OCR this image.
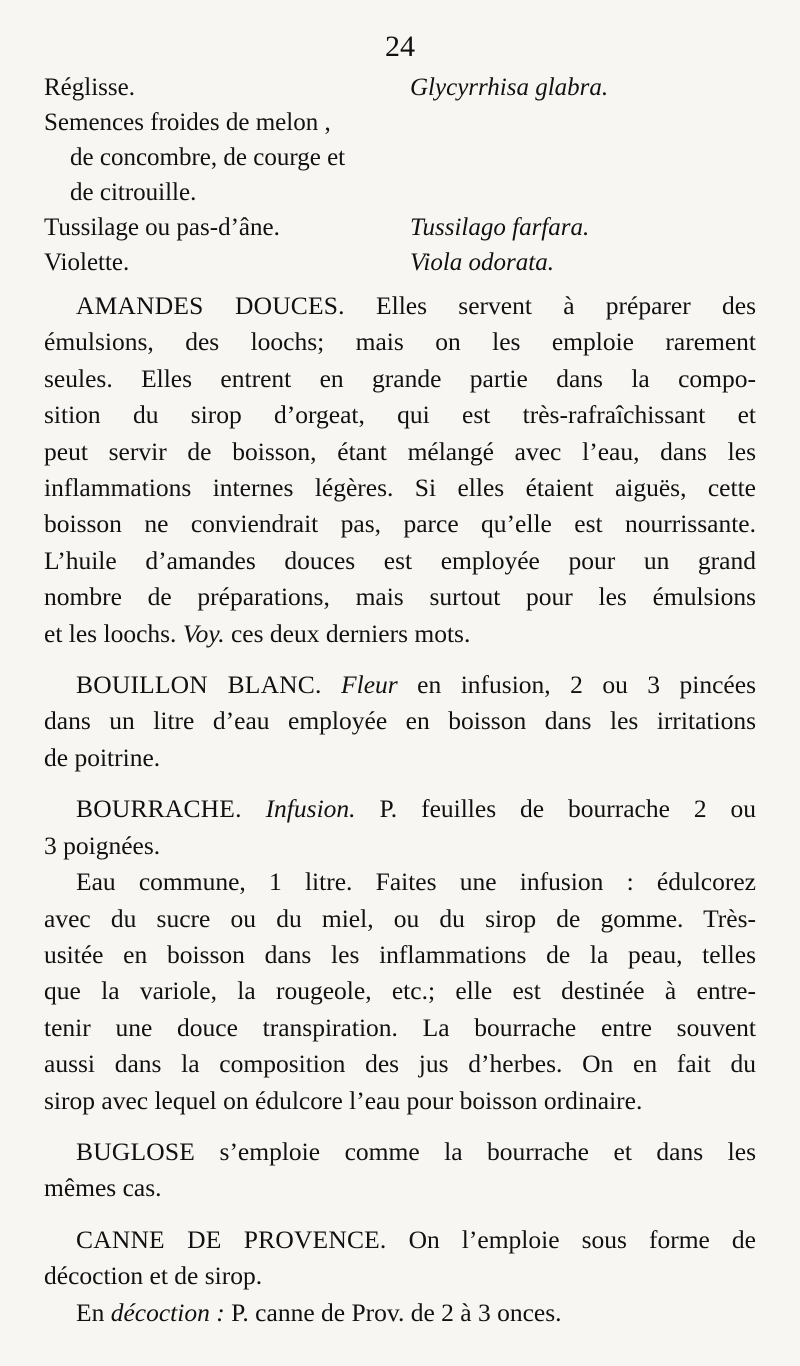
24
Réglisse.	Glycyrrhisa glabra.
Semences froides de melon ,
de concombre, de courge et
de citrouille.
Tussilage ou pas-d’âne.	Tussilago farfara.
Violette.	Viola odorata.
AMANDES DOUCES. Elles servent à préparer des
émulsions, des loochs; mais on les emploie rarement
seules. Elles entrent en grande partie dans la compo-
sition du sirop d’orgeat, qui est très-rafraîchissant et
peut servir de boisson, étant mélangé avec l’eau, dans les
inflammations internes légères. Si elles étaient aiguës, cette
boisson ne conviendrait pas, parce qu’elle est nourrissante.
L’huile d’amandes douces est employée pour un grand
nombre de préparations, mais surtout pour les émulsions
et les loochs. Voy. ces deux derniers mots.
BOUILLON BLANC. Fleur en infusion, 2 ou 3 pincées
dans un litre d’eau employée en boisson dans les irritations
de poitrine.
BOURRACHE. Infusion. P. feuilles de bourrache 2 ou
3 poignées.
Eau commune, 1 litre. Faites une infusion : édulcorez
avec du sucre ou du miel, ou du sirop de gomme. Très-
usitée en boisson dans les inflammations de la peau, telles
que la variole, la rougeole, etc.; elle est destinée à entre-
tenir une douce transpiration. La bourrache entre souvent
aussi dans la composition des jus d’herbes. On en fait du
sirop avec lequel on édulcore l’eau pour boisson ordinaire.
BUGLOSE s’emploie comme la bourrache et dans les
mêmes cas.
CANNE DE PROVENCE. On l’emploie sous forme de
décoction et de sirop.
En décoction : P. canne de Prov. de 2 à 3 onces.
